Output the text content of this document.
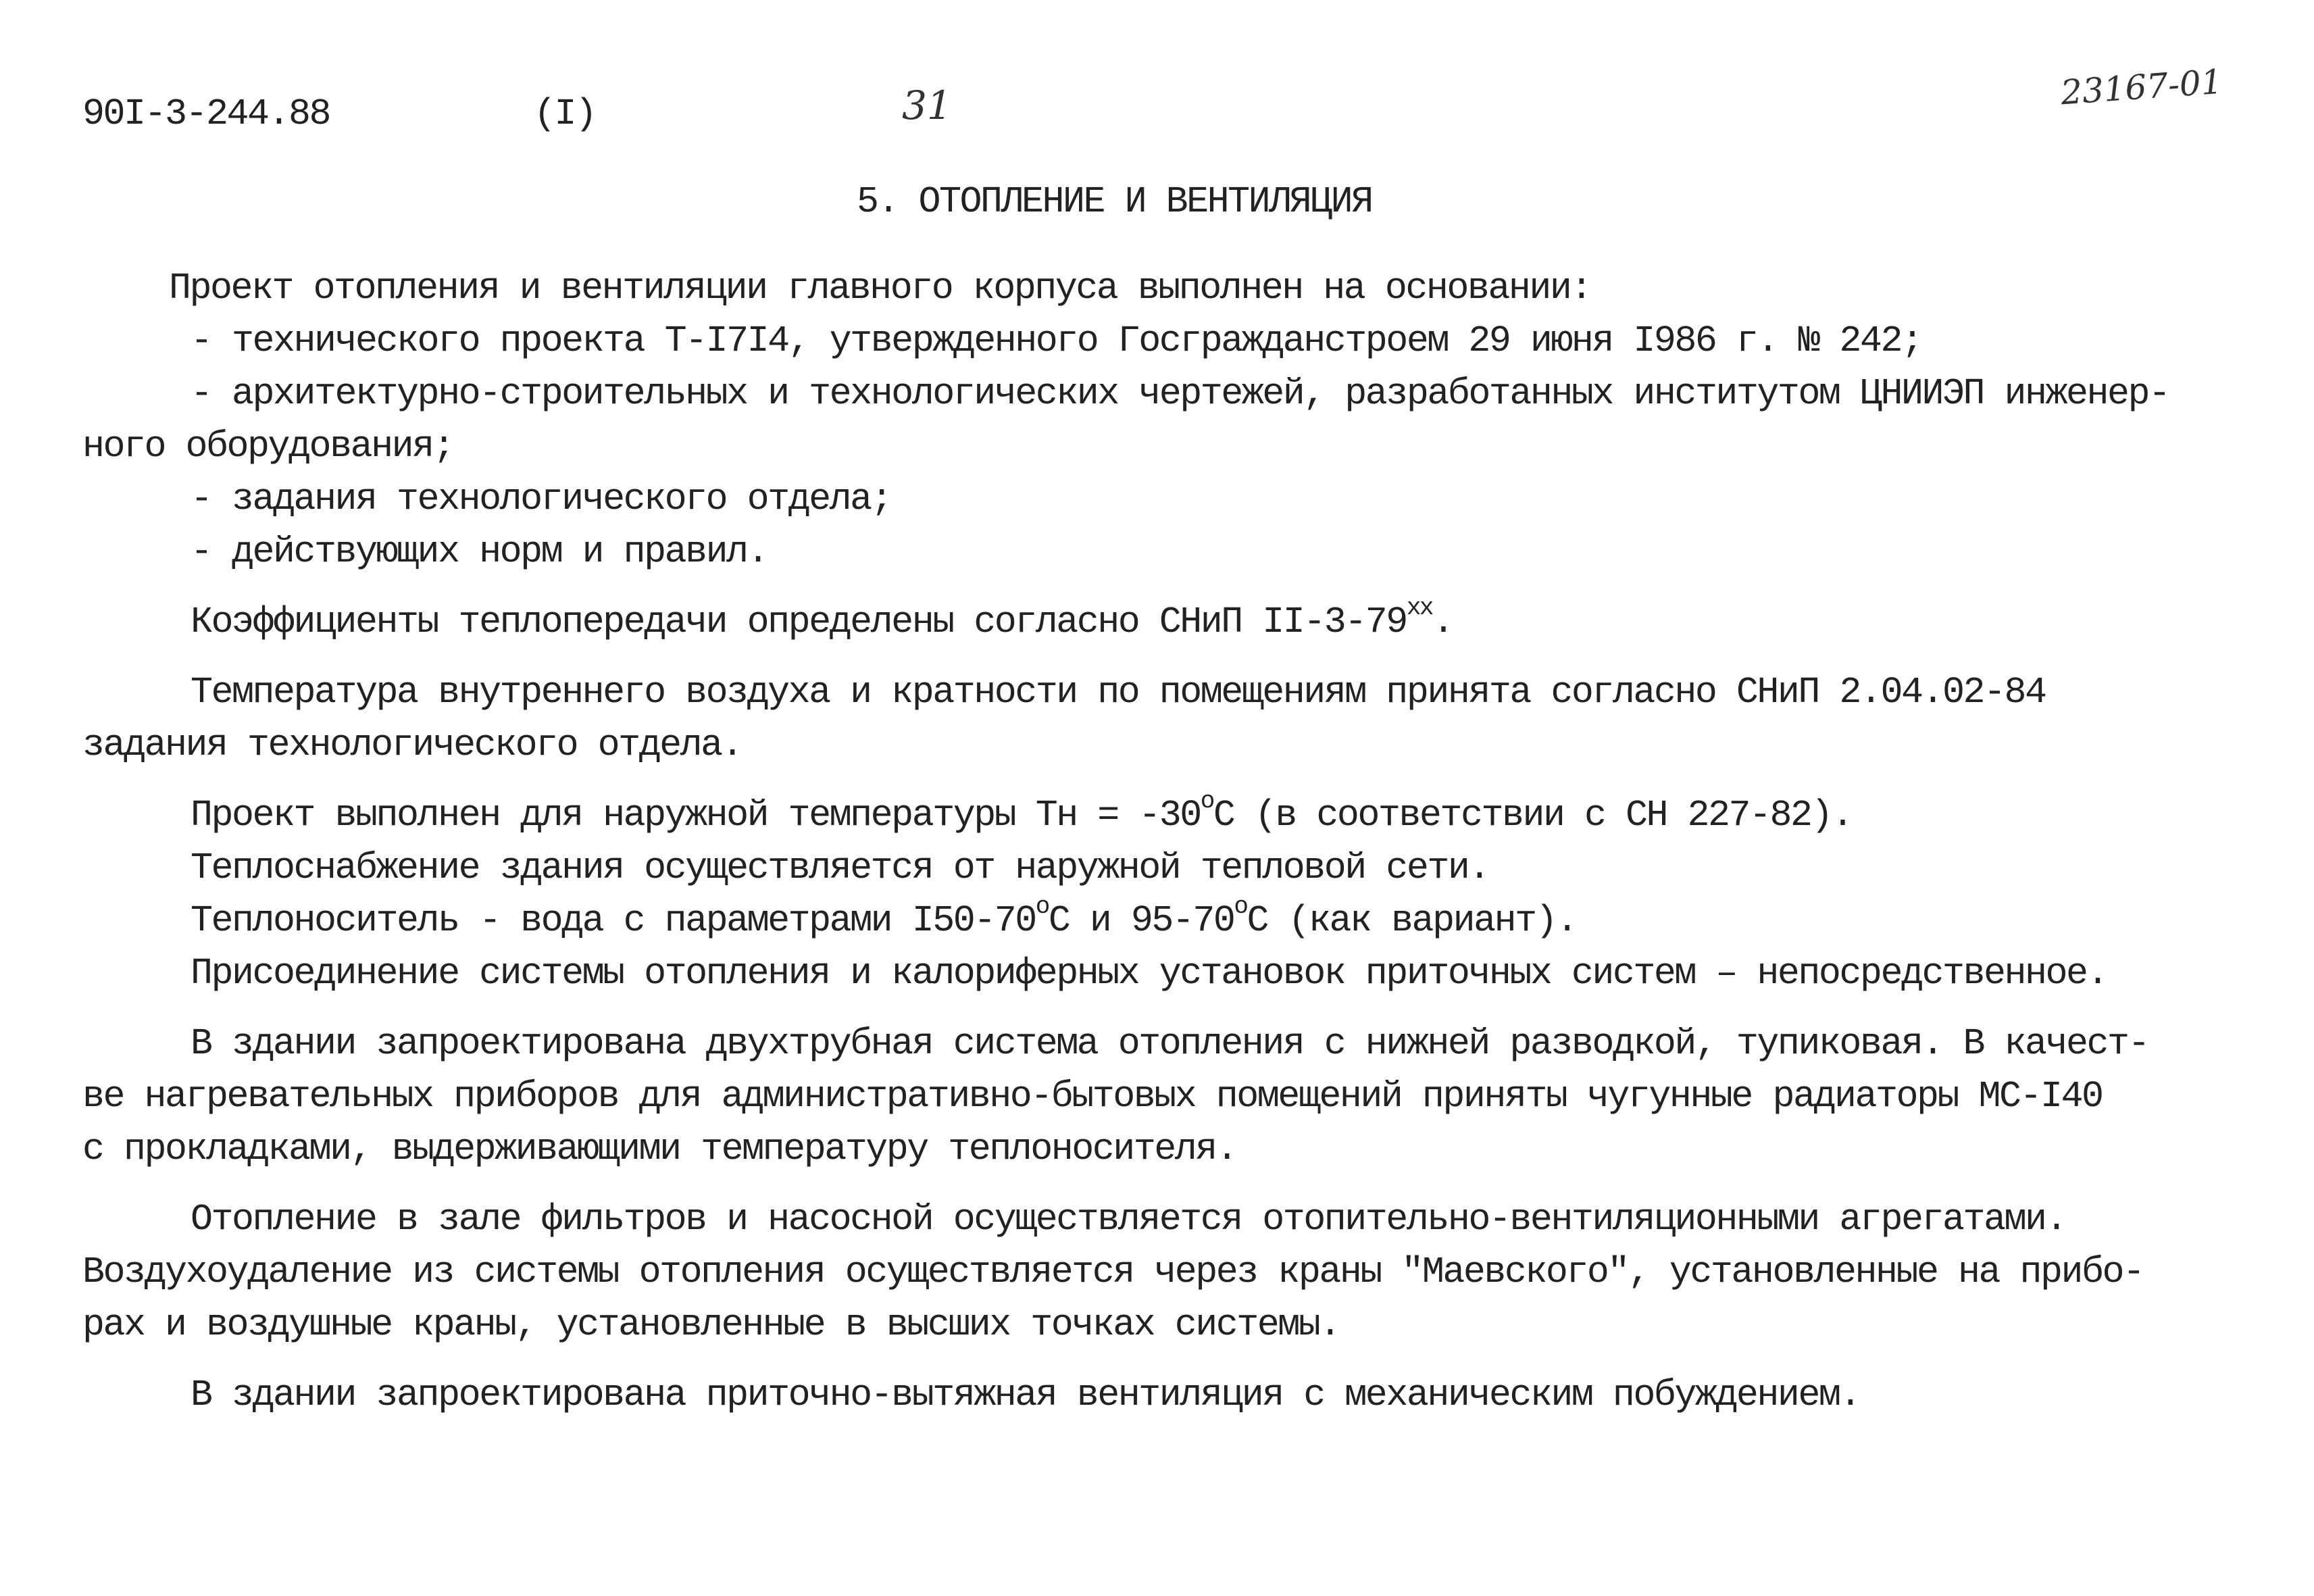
90I-3-244.88	(I)	31	23167-01
5. ОТОПЛЕНИЕ И ВЕНТИЛЯЦИЯ
Проект отопления и вентиляции главного корпуса выполнен на основании:
- технического проекта Т-I7I4, утвержденного Госгражданстроем 29 июня I986 г. № 242;
- архитектурно-строительных и технологических чертежей, разработанных институтом ЦНИИЭП инженер-
ного оборудования;
- задания технологического отдела;
- действующих норм и правил.
Коэффициенты теплопередачи определены согласно СНиП $II-3-79^{хх}$.
Температура внутреннего воздуха и кратности по помещениям принята согласно СНиП 2.04.02-84
задания технологического отдела.
Проект выполнен для наружной температуры Тн = $-30^оС$ (в соответствии с СН 227-82).
Теплоснабжение здания осуществляется от наружной тепловой сети.
Теплоноситель - вода с параметрами $I50-70^оС$ и $95-70^оС$ (как вариант).
Присоединение системы отопления и калориферных установок приточных систем – непосредственное.
В здании запроектирована двухтрубная система отопления с нижней разводкой, тупиковая. В качест-
ве нагревательных приборов для административно-бытовых помещений приняты чугунные радиаторы МС-I40
с прокладками, выдерживающими температуру теплоносителя.
Отопление в зале фильтров и насосной осуществляется отопительно-вентиляционными агрегатами.
Воздухоудаление из системы отопления осуществляется через краны "Маевского", установленные на прибо-
рах и воздушные краны, установленные в высших точках системы.
В здании запроектирована приточно-вытяжная вентиляция с механическим побуждением.
